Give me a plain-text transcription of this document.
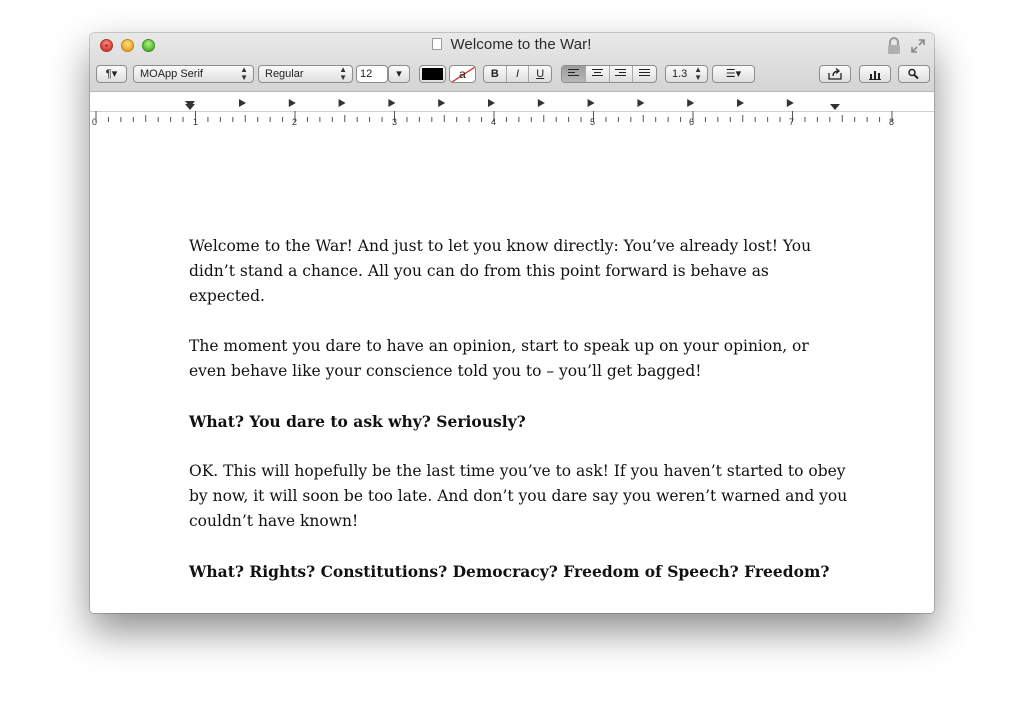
Welcome to the War!
¶▾	MOApp Serif	▲
▼	Regular	▲
▼	12	▾	a	B	I	U	1.3 ▲
▼	☰▾
0	1	2	3	4	5	6	7	8

Welcome to the War! And just to let you know directly: You’ve already lost! You didn’t stand a chance. All you can do from this point forward is behave as expected.

The moment you dare to have an opinion, start to speak up on your opinion, or even behave like your conscience told you to – you’ll get bagged!

What? You dare to ask why? Seriously?

OK. This will hopefully be the last time you’ve to ask! If you haven’t started to obey by now, it will soon be too late. And don’t you dare say you weren’t warned and you couldn’t have known!

What? Rights? Constitutions? Democracy? Freedom of Speech? Freedom?
